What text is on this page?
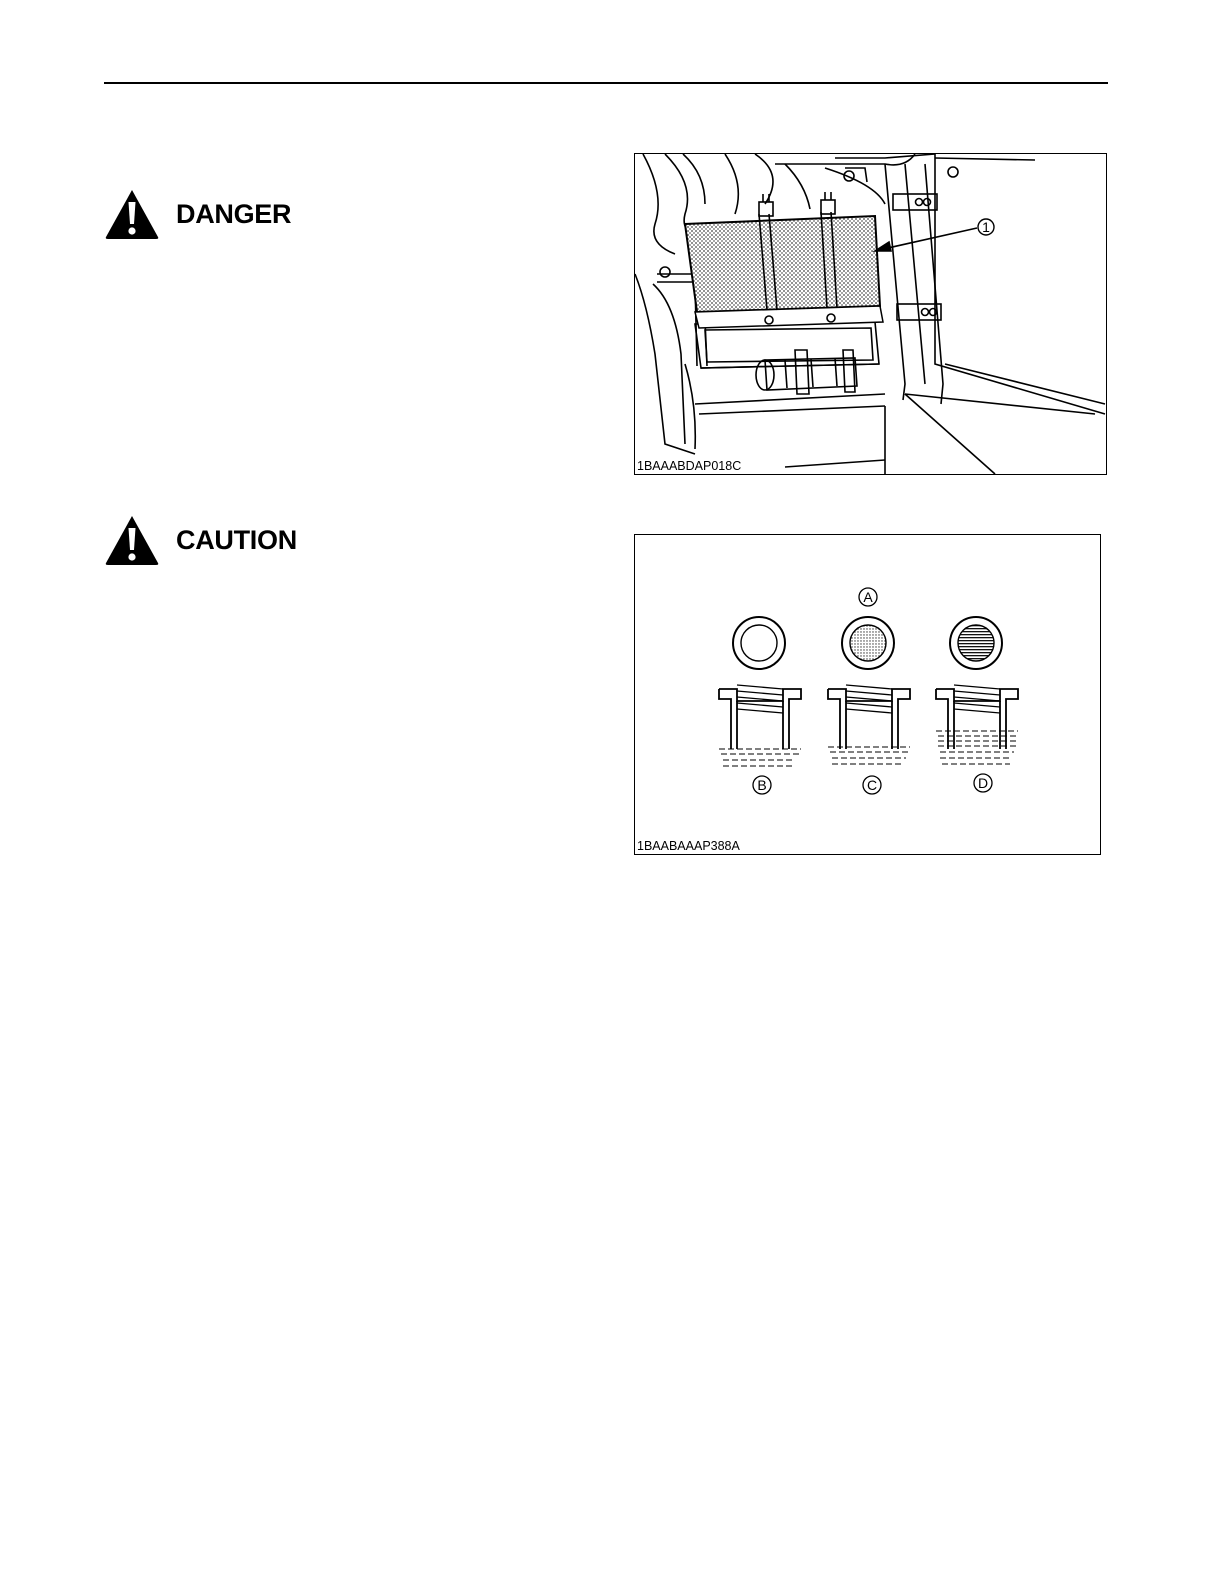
DANGER
CAUTION
1
1BAAABDAP018C
A
B	C	D
1BAABAAAP388A
